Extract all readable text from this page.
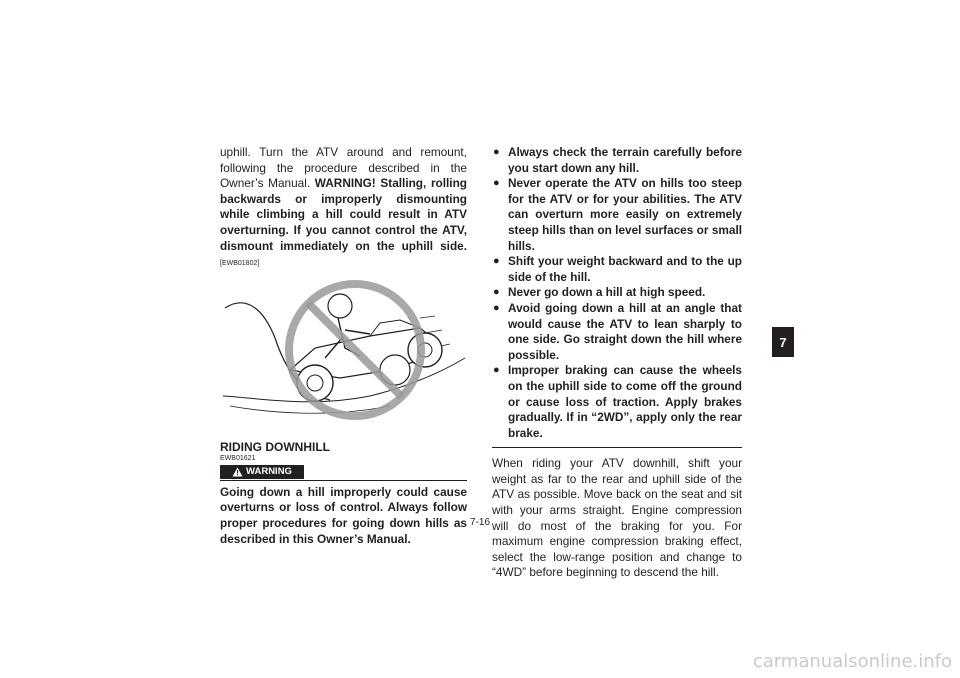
uphill. Turn the ATV around and remount, following the procedure described in the Owner’s Manual. WARNING! Stalling, rolling backwards or improperly dismounting while climbing a hill could result in ATV overturning. If you cannot control the ATV, dismount immediately on the uphill side. [EWB01802]
RIDING DOWNHILL
EWB01621
WARNING
Going down a hill improperly could cause overturns or loss of control. Always follow proper procedures for going down hills as described in this Owner’s Manual.
● Always check the terrain carefully before you start down any hill.
● Never operate the ATV on hills too steep for the ATV or for your abilities. The ATV can overturn more easily on extremely steep hills than on level surfaces or small hills.
● Shift your weight backward and to the up side of the hill.
● Never go down a hill at high speed.
● Avoid going down a hill at an angle that would cause the ATV to lean sharply to one side. Go straight down the hill where possible.
● Improper braking can cause the wheels on the uphill side to come off the ground or cause loss of traction. Apply brakes gradually. If in “2WD”, apply only the rear brake.
When riding your ATV downhill, shift your weight as far to the rear and uphill side of the ATV as possible. Move back on the seat and sit with your arms straight. Engine compression will do most of the braking for you. For maximum engine compression braking effect, select the low-range position and change to “4WD” before beginning to descend the hill.
7-16
7
carmanualsonline.info
